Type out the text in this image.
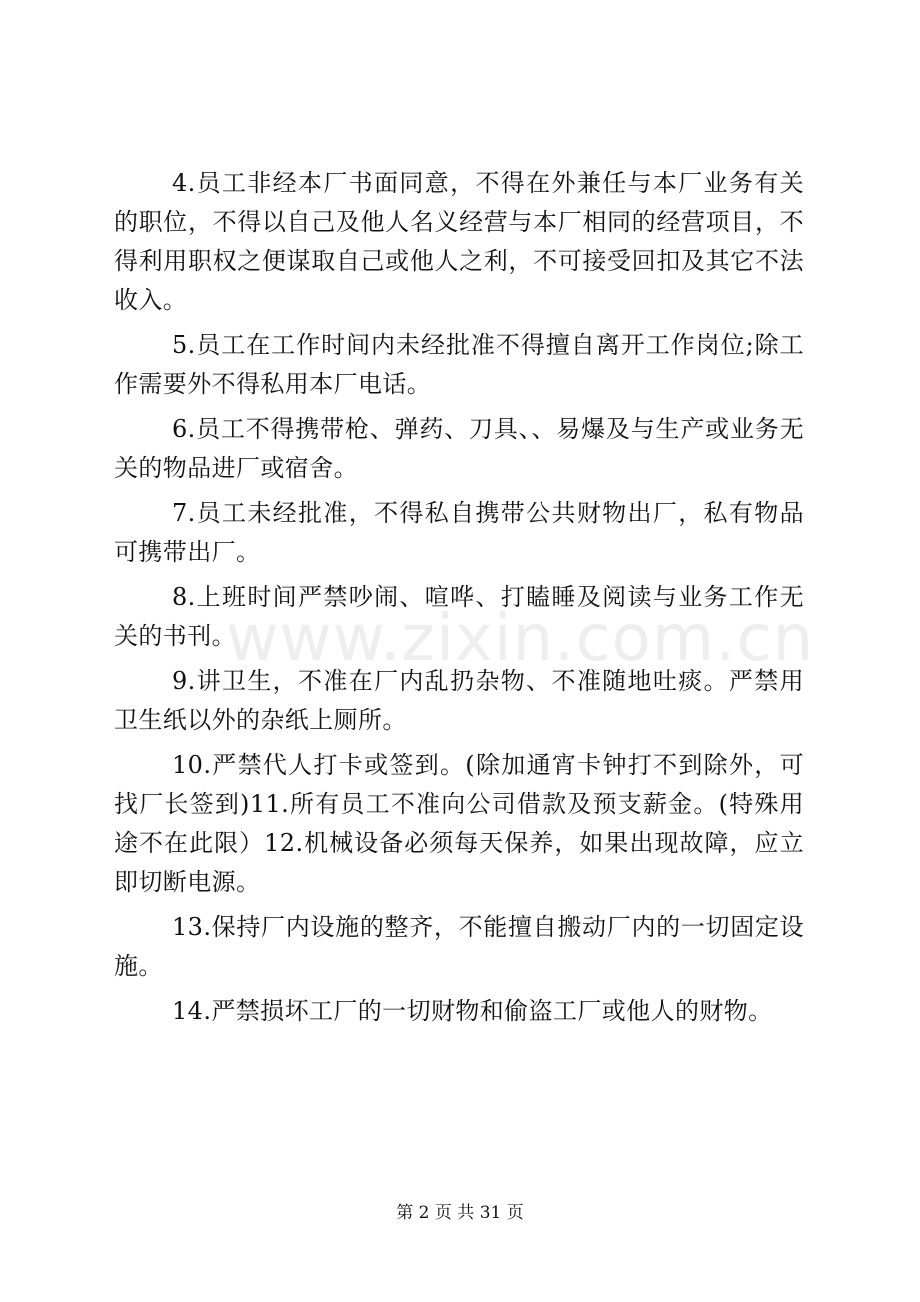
www.zixin.com.cn

4.员工非经本厂书面同意，不得在外兼任与本厂业务有关的职位，不得以自己及他人名义经营与本厂相同的经营项目，不得利用职权之便谋取自己或他人之利，不可接受回扣及其它不法收入。

5.员工在工作时间内未经批准不得擅自离开工作岗位;除工作需要外不得私用本厂电话。

6.员工不得携带枪、弹药、刀具、、易爆及与生产或业务无关的物品进厂或宿舍。

7.员工未经批准，不得私自携带公共财物出厂，私有物品可携带出厂。

8.上班时间严禁吵闹、喧哗、打瞌睡及阅读与业务工作无关的书刊。

9.讲卫生，不准在厂内乱扔杂物、不准随地吐痰。严禁用卫生纸以外的杂纸上厕所。

10.严禁代人打卡或签到。(除加通宵卡钟打不到除外，可找厂长签到)11.所有员工不准向公司借款及预支薪金。(特殊用途不在此限）12.机械设备必须每天保养，如果出现故障，应立即切断电源。

13.保持厂内设施的整齐，不能擅自搬动厂内的一切固定设施。

14.严禁损坏工厂的一切财物和偷盗工厂或他人的财物。

第 2 页 共 31 页
